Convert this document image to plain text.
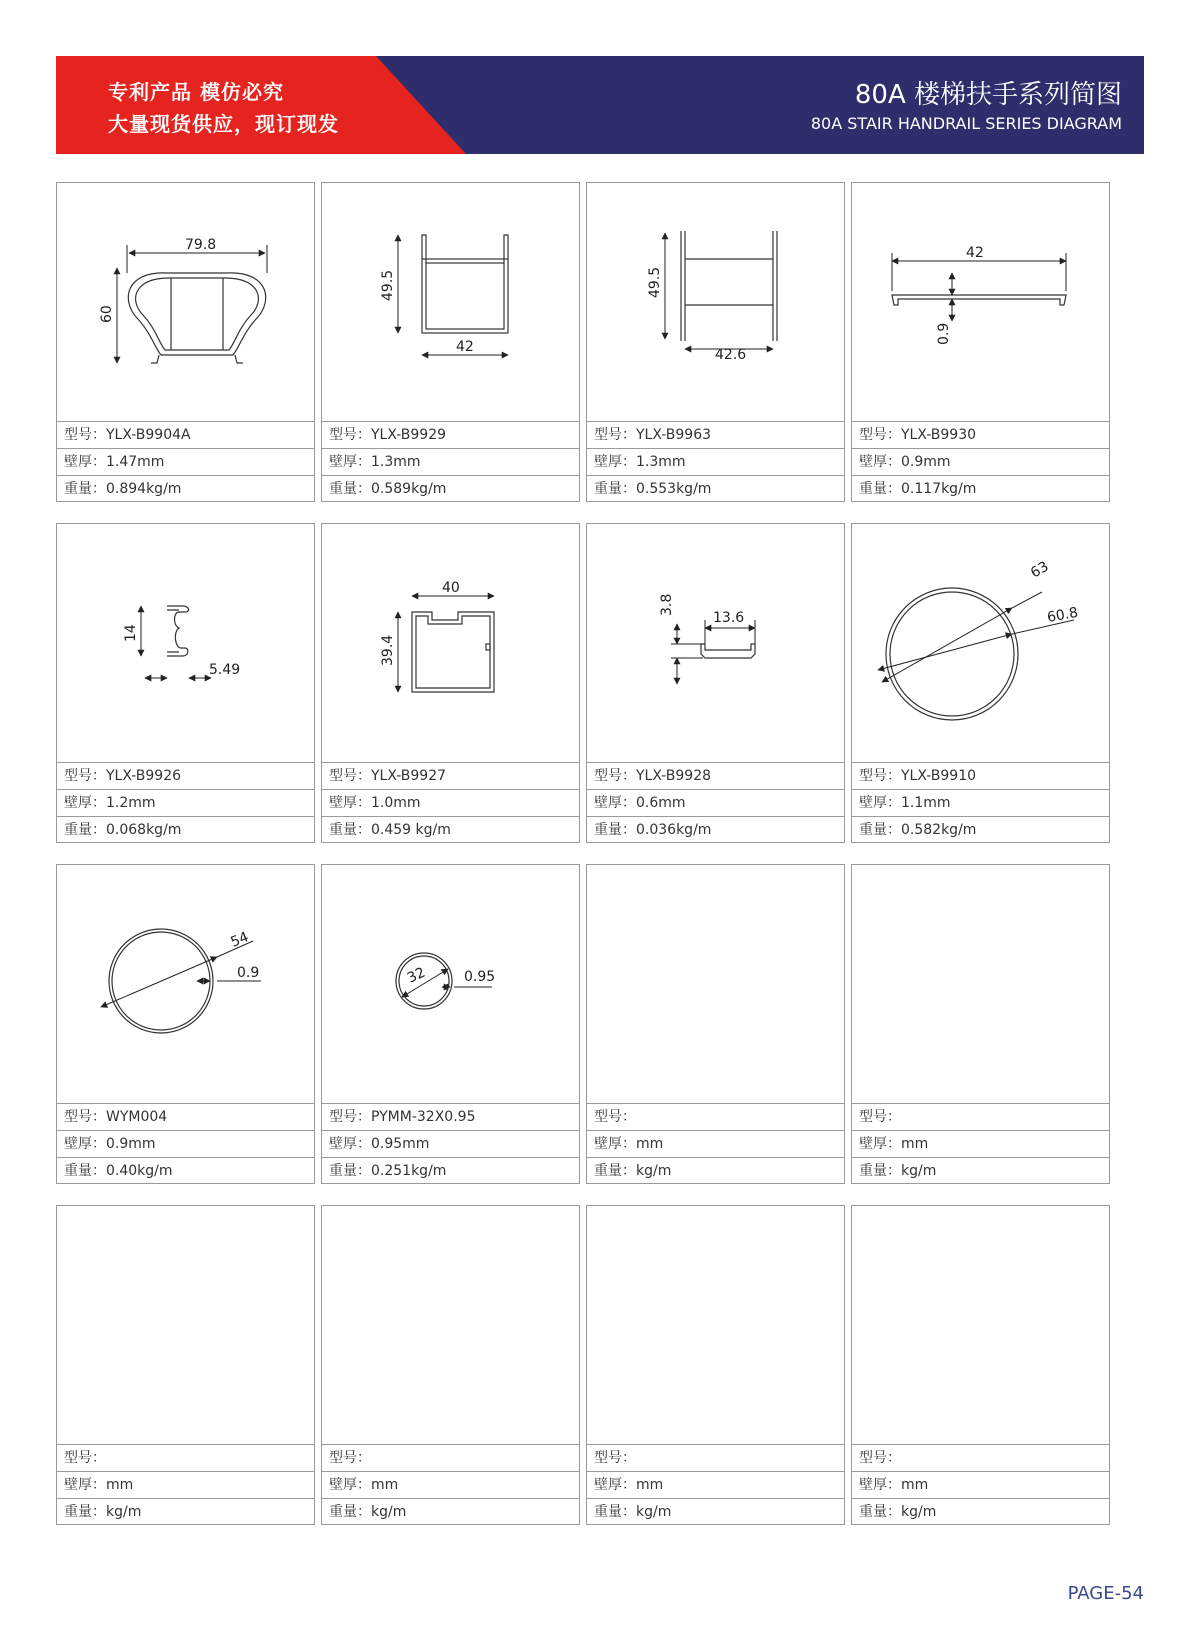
专利产品 模仿必究
大量现货供应，现订现发
80A 楼梯扶手系列简图
80A STAIR HANDRAIL SERIES DIAGRAM
79.8
60
型号：YLX-B9904A
壁厚：1.47mm
重量：0.894kg/m
49.5
42
型号：YLX-B9929
壁厚：1.3mm
重量：0.589kg/m
49.5
42.6
型号：YLX-B9963
壁厚：1.3mm
重量：0.553kg/m
42
0.9
型号：YLX-B9930
壁厚：0.9mm
重量：0.117kg/m
14
5.49
型号：YLX-B9926
壁厚：1.2mm
重量：0.068kg/m
40
39.4
型号：YLX-B9927
壁厚：1.0mm
重量：0.459 kg/m
3.8
13.6
型号：YLX-B9928
壁厚：0.6mm
重量：0.036kg/m
63
60.8
型号：YLX-B9910
壁厚：1.1mm
重量：0.582kg/m
54
0.9
型号：WYM004
壁厚：0.9mm
重量：0.40kg/m
32	0.95
型号：PYMM-32X0.95
壁厚：0.95mm
重量：0.251kg/m
型号：
壁厚：mm
重量：kg/m
型号：
壁厚：mm
重量：kg/m
型号：
壁厚：mm
重量：kg/m
型号：
壁厚：mm
重量：kg/m
型号：
壁厚：mm
重量：kg/m
型号：
壁厚：mm
重量：kg/m
PAGE-54
